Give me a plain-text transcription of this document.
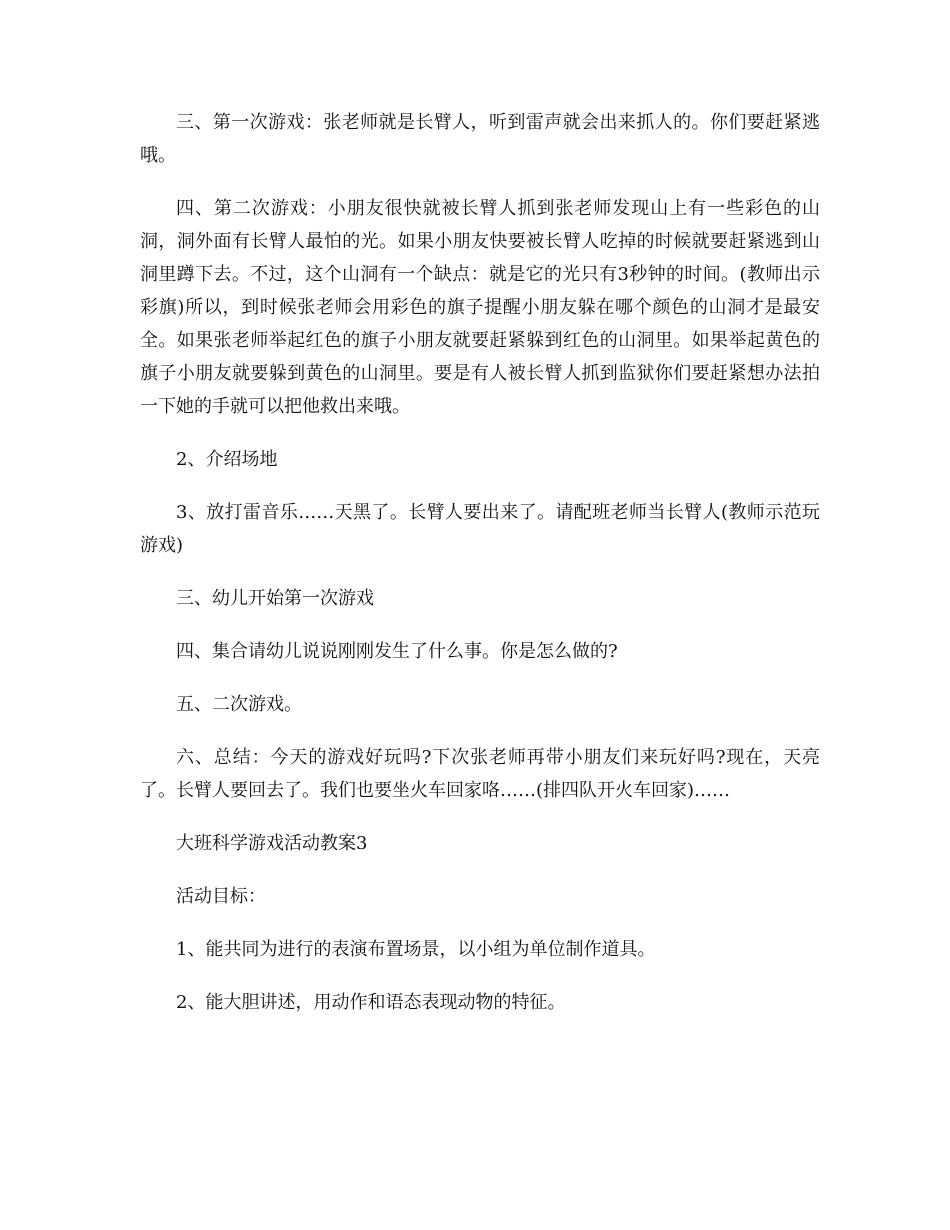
三、第一次游戏：张老师就是长臂人，听到雷声就会出来抓人的。你们要赶紧逃哦。

四、第二次游戏：小朋友很快就被长臂人抓到张老师发现山上有一些彩色的山洞，洞外面有长臂人最怕的光。如果小朋友快要被长臂人吃掉的时候就要赶紧逃到山洞里蹲下去。不过，这个山洞有一个缺点：就是它的光只有3秒钟的时间。(教师出示彩旗)所以，到时候张老师会用彩色的旗子提醒小朋友躲在哪个颜色的山洞才是最安全。如果张老师举起红色的旗子小朋友就要赶紧躲到红色的山洞里。如果举起黄色的旗子小朋友就要躲到黄色的山洞里。要是有人被长臂人抓到监狱你们要赶紧想办法拍一下她的手就可以把他救出来哦。

2、介绍场地

3、放打雷音乐……天黑了。长臂人要出来了。请配班老师当长臂人(教师示范玩游戏)

三、幼儿开始第一次游戏

四、集合请幼儿说说刚刚发生了什么事。你是怎么做的?

五、二次游戏。

六、总结：今天的游戏好玩吗?下次张老师再带小朋友们来玩好吗?现在，天亮了。长臂人要回去了。我们也要坐火车回家咯……(排四队开火车回家)……

大班科学游戏活动教案3

活动目标：

1、能共同为进行的表演布置场景，以小组为单位制作道具。

2、能大胆讲述，用动作和语态表现动物的特征。
